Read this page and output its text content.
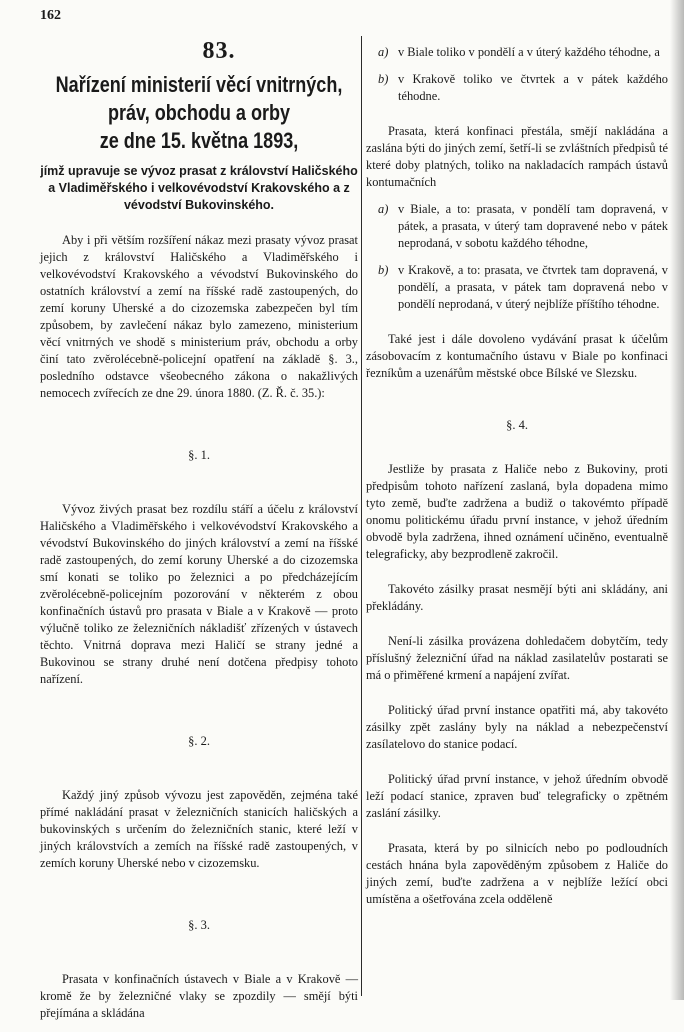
162
83.
Nařízení ministerií věcí vnitrných,
práv, obchodu a orby
ze dne 15. května 1893,
jímž upravuje se vývoz prasat z království Haličského a Vladiměřského i velkovévodství Krakovského a z vévodství Bukovinského.

Aby i při větším rozšíření nákaz mezi prasaty vývoz prasat jejich z království Haličského a Vladiměřského i velkovévodství Krakovského a vévodství Bukovinského do ostatních království a zemí na říšské radě zastoupených, do zemí koruny Uherské a do cizozemska zabezpečen byl tím způsobem, by zavlečení nákaz bylo zamezeno, ministerium věcí vnitrných ve shodě s ministerium práv, obchodu a orby činí tato zvěrolécebně-policejní opatření na základě §. 3., posledního odstavce všeobecného zákona o nakažlivých nemocech zvířecích ze dne 29. února 1880. (Z. Ř. č. 35.):

§. 1.

Vývoz živých prasat bez rozdílu stáří a účelu z království Haličského a Vladiměřského i velkovévodství Krakovského a vévodství Bukovinského do jiných království a zemí na říšské radě zastoupených, do zemí koruny Uherské a do cizozemska smí konati se toliko po železnici a po předcházejícím zvěrolécebně-policejním pozorování v některém z obou konfinačních ústavů pro prasata v Biale a v Krakově — proto výlučně toliko ze železničních nákladišť zřízených v ústavech těchto. Vnitrná doprava mezi Haličí se strany jedné a Bukovinou se strany druhé není dotčena předpisy tohoto nařízení.

§. 2.

Každý jiný způsob vývozu jest zapověděn, zejména také přímé nakládání prasat v železničních stanicích haličských a bukovinských s určením do železničních stanic, které leží v jiných královstvích a zemích na říšské radě zastoupených, v zemích koruny Uherské nebo v cizozemsku.

§. 3.

Prasata v konfinačních ústavech v Biale a v Krakově — kromě že by železničné vlaky se zpozdily — smějí býti přejímána a skládána

a) v Biale toliko v pondělí a v úterý každého téhodne, a
b) v Krakově toliko ve čtvrtek a v pátek každého téhodne.

Prasata, která konfinaci přestála, smějí nakládána a zaslána býti do jiných zemí, šetří-li se zvláštních předpisů té které doby platných, toliko na nakladacích rampách ústavů kontumačních

a) v Biale, a to: prasata, v pondělí tam dopravená, v pátek, a prasata, v úterý tam dopravené nebo v pátek neprodaná, v sobotu každého téhodne,
b) v Krakově, a to: prasata, ve čtvrtek tam dopravená, v pondělí, a prasata, v pátek tam dopravená nebo v pondělí neprodaná, v úterý nejblíže příštího téhodne.

Také jest i dále dovoleno vydávání prasat k účelům zásobovacím z kontumačního ústavu v Biale po konfinaci řezníkům a uzenářům městské obce Bílské ve Slezsku.

§. 4.

Jestliže by prasata z Haliče nebo z Bukoviny, proti předpisům tohoto nařízení zaslaná, byla dopadena mimo tyto země, buďte zadržena a budiž o takovémto případě onomu politickému úřadu první instance, v jehož úředním obvodě byla zadržena, ihned oznámení učiněno, eventualně telegraficky, aby bezprodleně zakročil.

Takovéto zásilky prasat nesmějí býti ani skládány, ani překládány.

Není-li zásilka provázena dohledačem dobytčím, tedy příslušný železniční úřad na náklad zasilatelův postarati se má o přiměřené krmení a napájení zvířat.

Politický úřad první instance opatřiti má, aby takovéto zásilky zpět zaslány byly na náklad a nebezpečenství zasílatelovo do stanice podací.

Politický úřad první instance, v jehož úředním obvodě leží podací stanice, zpraven buď telegraficky o zpětném zaslání zásilky.

Prasata, která by po silnicích nebo po podloudních cestách hnána byla zapověděným způsobem z Haliče do jiných zemí, buďte zadržena a v nejblíže ležící obci umístěna a ošetřována zcela odděleně
